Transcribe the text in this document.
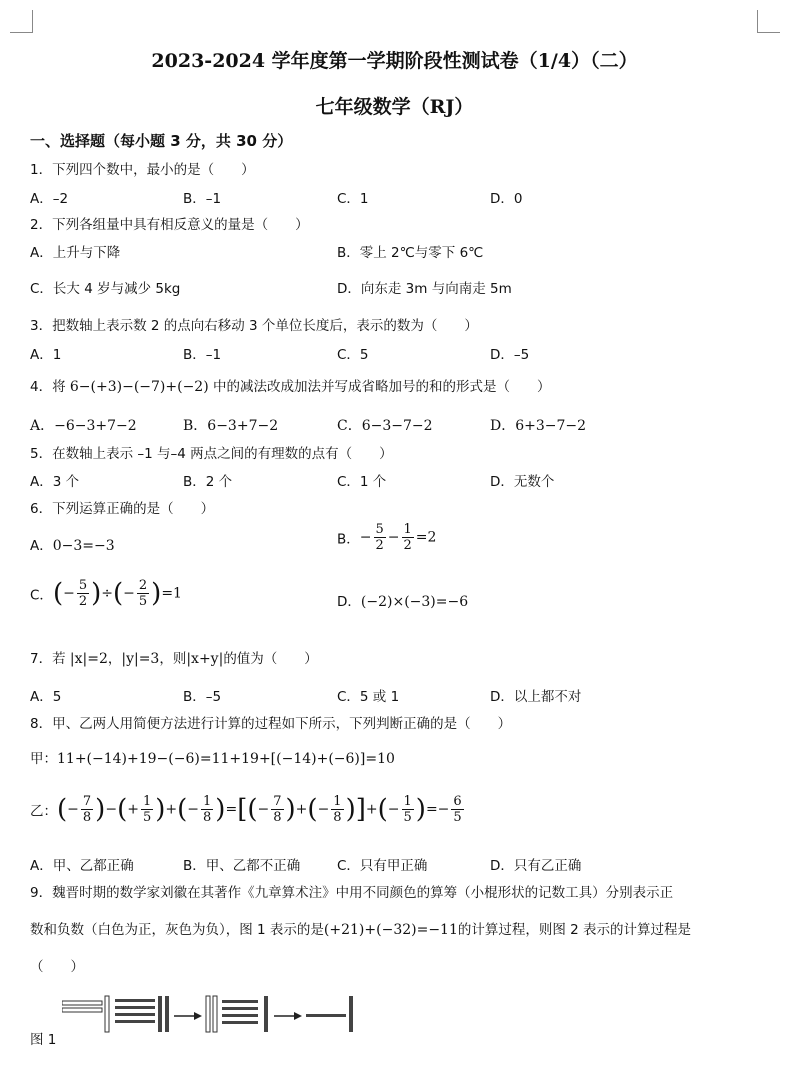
2023-2024 学年度第一学期阶段性测试卷（1/4）（二）
七年级数学（RJ）
一、选择题（每小题 3 分，共 30 分）
1．下列四个数中，最小的是（　　）
A．–2	B．–1	C．1	D．0
2．下列各组量中具有相反意义的量是（　　）
A．上升与下降	B．零上 2℃与零下 6℃
C．长大 4 岁与减少 5kg	D．向东走 3m 与向南走 5m
3．把数轴上表示数 2 的点向右移动 3 个单位长度后，表示的数为（　　）
A．1	B．–1	C．5	D．–5
4．将 6−(+3)−(−7)+(−2) 中的减法改成加法并写成省略加号的和的形式是（　　）
A．−6−3+7−2	B．6−3+7−2	C．6−3−7−2	D．6+3−7−2
5．在数轴上表示 –1 与–4 两点之间的有理数的点有（　　）
A．3 个	B．2 个	C．1 个	D．无数个
6．下列运算正确的是（　　）
A．0−3=−3	B．− $\frac{5}{2} - \frac{1}{2} =2$
C．(− $\frac{5}{2}$ )÷(− $\frac{2}{5} )=1$
D．(−2)×(−3)=−6
7．若 |x|=2，|y|=3，则|x+y|的值为（　　）
A．5	B．–5	C．5 或 1	D．以上都不对
8．甲、乙两人用简便方法进行计算的过程如下所示，下列判断正确的是（　　）
甲：11+(−14)+19−(−6)=11+19+[(−14)+(−6)]=10
乙：(− $\frac{7}{8}$ )−(+ $\frac{1}{5}$ )+(− $\frac{1}{8}$ )=[(− $\frac{7}{8}$ )+(− $\frac{1}{8}$ )]+(− $\frac{1}{5}$ )=− $\frac{6}{5}$
A．甲、乙都正确	B．甲、乙都不正确	C．只有甲正确	D．只有乙正确
9．魏晋时期的数学家刘徽在其著作《九章算术注》中用不同颜色的算筹（小棍形状的记数工具）分别表示正
数和负数（白色为正，灰色为负），图 1 表示的是(+21)+(−32)=−11的计算过程，则图 2 表示的计算过程是
（　　）
图 1
